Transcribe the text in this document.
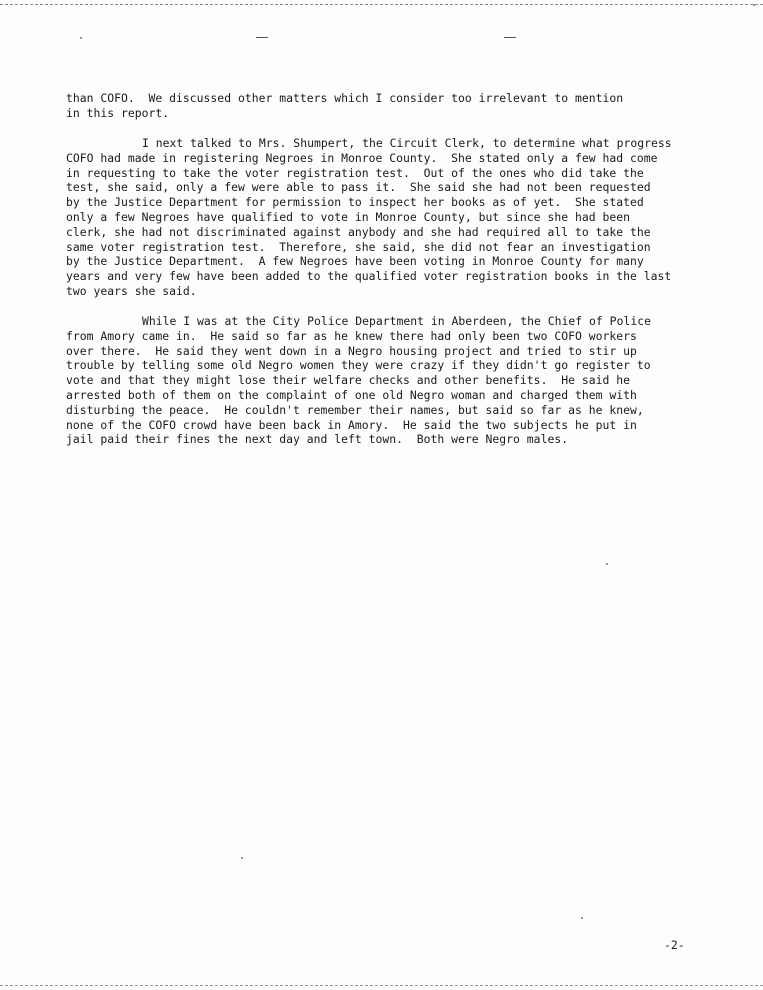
than COFO.  We discussed other matters which I consider too irrelevant to mention
in this report.
I next talked to Mrs. Shumpert, the Circuit Clerk, to determine what progress
COFO had made in registering Negroes in Monroe County.  She stated only a few had come
in requesting to take the voter registration test.  Out of the ones who did take the
test, she said, only a few were able to pass it.  She said she had not been requested
by the Justice Department for permission to inspect her books as of yet.  She stated
only a few Negroes have qualified to vote in Monroe County, but since she had been
clerk, she had not discriminated against anybody and she had required all to take the
same voter registration test.  Therefore, she said, she did not fear an investigation
by the Justice Department.  A few Negroes have been voting in Monroe County for many
years and very few have been added to the qualified voter registration books in the last
two years she said.
While I was at the City Police Department in Aberdeen, the Chief of Police
from Amory came in.  He said so far as he knew there had only been two COFO workers
over there.  He said they went down in a Negro housing project and tried to stir up
trouble by telling some old Negro women they were crazy if they didn't go register to
vote and that they might lose their welfare checks and other benefits.  He said he
arrested both of them on the complaint of one old Negro woman and charged them with
disturbing the peace.  He couldn't remember their names, but said so far as he knew,
none of the COFO crowd have been back in Amory.  He said the two subjects he put in
jail paid their fines the next day and left town.  Both were Negro males.
-2-
